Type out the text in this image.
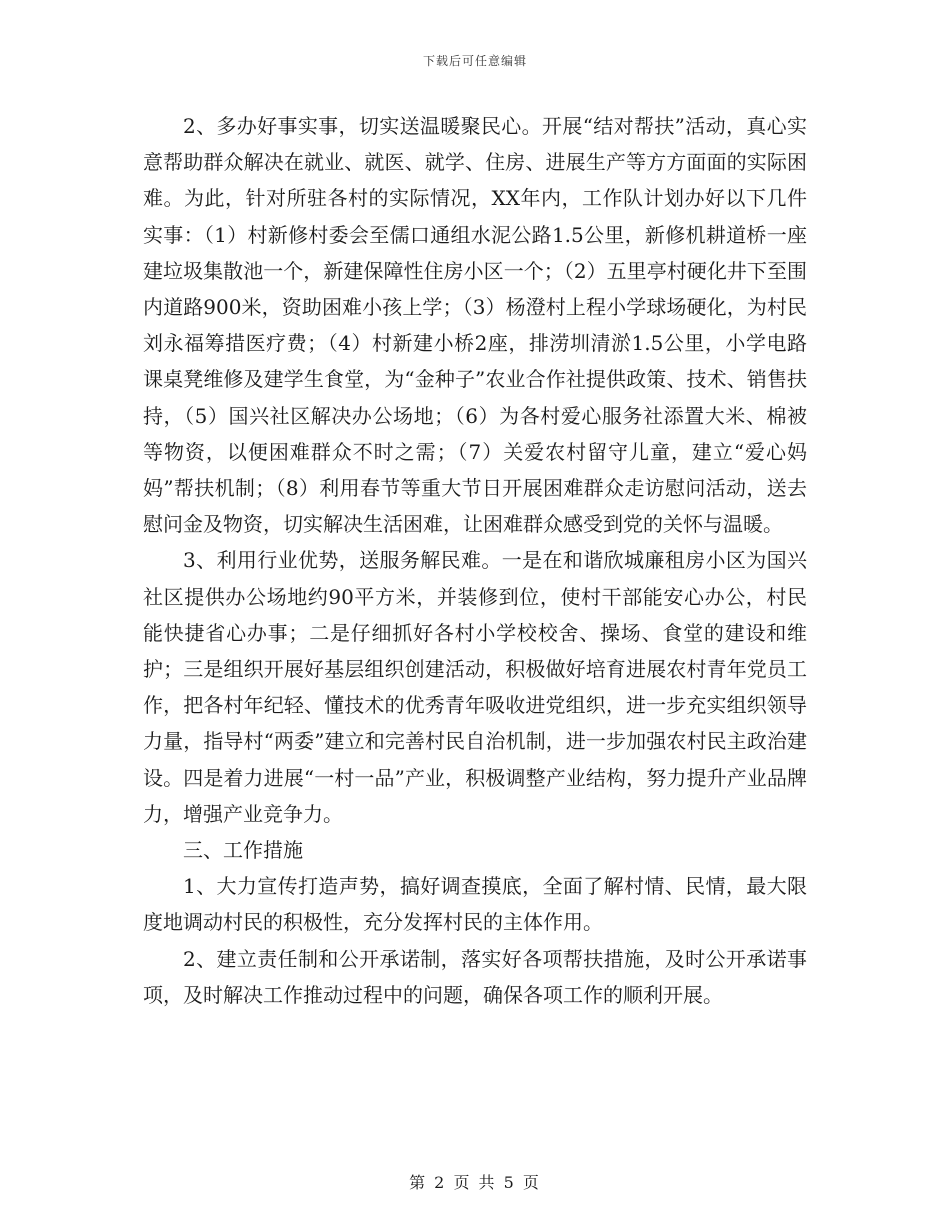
下载后可任意编辑

2、多办好事实事，切实送温暖聚民心。开展“结对帮扶”活动，真心实意帮助群众解决在就业、就医、就学、住房、进展生产等方方面面的实际困难。为此，针对所驻各村的实际情况，XX年内，工作队计划办好以下几件实事：（1）村新修村委会至儒口通组水泥公路1.5公里，新修机耕道桥一座建垃圾集散池一个，新建保障性住房小区一个；（2）五里亭村硬化井下至围内道路900米，资助困难小孩上学；（3）杨澄村上程小学球场硬化，为村民刘永福筹措医疗费；（4）村新建小桥2座，排涝圳清淤1.5公里，小学电路课桌凳维修及建学生食堂，为“金种子”农业合作社提供政策、技术、销售扶持，（5）国兴社区解决办公场地；（6）为各村爱心服务社添置大米、棉被等物资，以便困难群众不时之需；（7）关爱农村留守儿童，建立“爱心妈妈”帮扶机制；（8）利用春节等重大节日开展困难群众走访慰问活动，送去慰问金及物资，切实解决生活困难，让困难群众感受到党的关怀与温暖。

3、利用行业优势，送服务解民难。一是在和谐欣城廉租房小区为国兴社区提供办公场地约90平方米，并装修到位，使村干部能安心办公，村民能快捷省心办事；二是仔细抓好各村小学校校舍、操场、食堂的建设和维护；三是组织开展好基层组织创建活动，积极做好培育进展农村青年党员工作，把各村年纪轻、懂技术的优秀青年吸收进党组织，进一步充实组织领导力量，指导村“两委”建立和完善村民自治机制，进一步加强农村民主政治建设。四是着力进展“一村一品”产业，积极调整产业结构，努力提升产业品牌力，增强产业竞争力。

三、工作措施

1、大力宣传打造声势，搞好调查摸底，全面了解村情、民情，最大限度地调动村民的积极性，充分发挥村民的主体作用。

2、建立责任制和公开承诺制，落实好各项帮扶措施，及时公开承诺事项，及时解决工作推动过程中的问题，确保各项工作的顺利开展。

第 2 页 共 5 页
